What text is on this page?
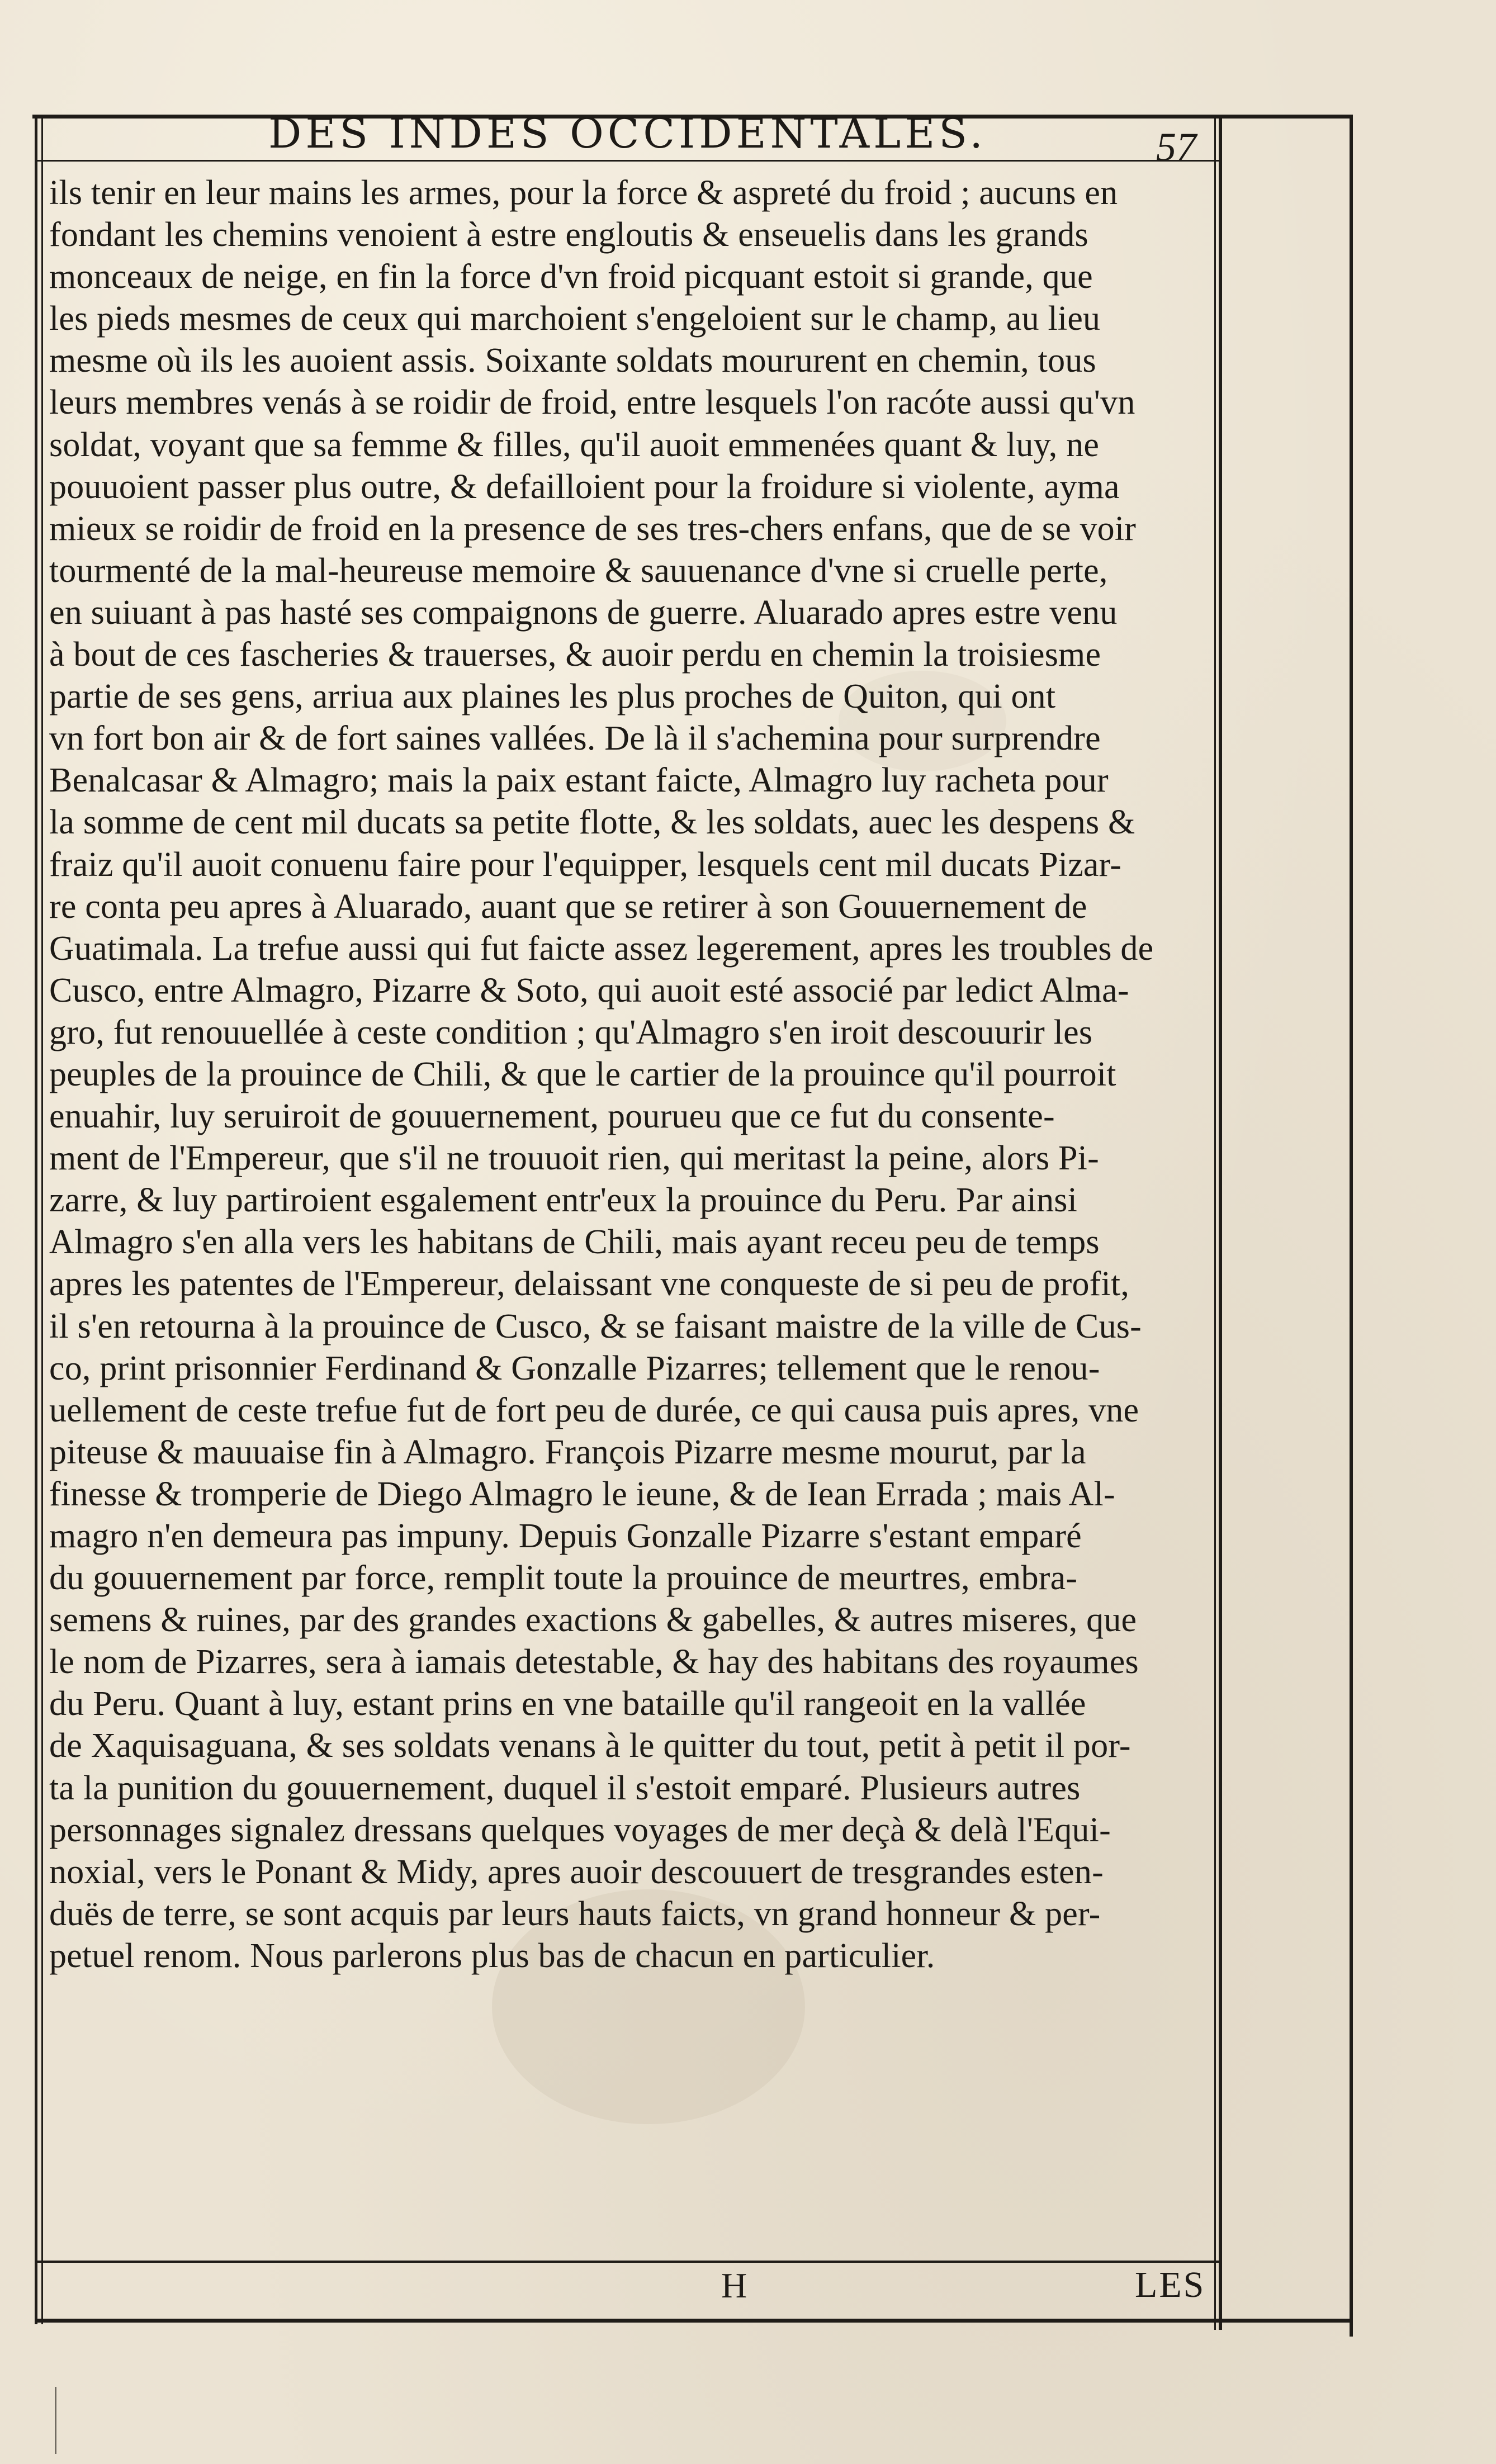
DES INDES OCCIDENTALES.	57

ils tenir en leur mains les armes, pour la force & aspreté du froid ; aucuns en
fondant les chemins venoient à estre engloutis & enseuelis dans les grands
monceaux de neige, en fin la force d'vn froid picquant estoit si grande, que
les pieds mesmes de ceux qui marchoient s'engeloient sur le champ, au lieu
mesme où ils les auoient assis. Soixante soldats moururent en chemin, tous
leurs membres venás à se roidir de froid, entre lesquels l'on racóte aussi qu'vn
soldat, voyant que sa femme & filles, qu'il auoit emmenées quant & luy, ne
pouuoient passer plus outre, & defailloient pour la froidure si violente, ayma
mieux se roidir de froid en la presence de ses tres-chers enfans, que de se voir
tourmenté de la mal-heureuse memoire & sauuenance d'vne si cruelle perte,
en suiuant à pas hasté ses compaignons de guerre. Aluarado apres estre venu
à bout de ces fascheries & trauerses, & auoir perdu en chemin la troisiesme
partie de ses gens, arriua aux plaines les plus proches de Quiton, qui ont
vn fort bon air & de fort saines vallées. De là il s'achemina pour surprendre
Benalcasar & Almagro; mais la paix estant faicte, Almagro luy racheta pour
la somme de cent mil ducats sa petite flotte, & les soldats, auec les despens &
fraiz qu'il auoit conuenu faire pour l'equipper, lesquels cent mil ducats Pizar-
re conta peu apres à Aluarado, auant que se retirer à son Gouuernement de
Guatimala. La trefue aussi qui fut faicte assez legerement, apres les troubles de
Cusco, entre Almagro, Pizarre & Soto, qui auoit esté associé par ledict Alma-
gro, fut renouuellée à ceste condition ; qu'Almagro s'en iroit descouurir les
peuples de la prouince de Chili, & que le cartier de la prouince qu'il pourroit
enuahir, luy seruiroit de gouuernement, pourueu que ce fut du consente-
ment de l'Empereur, que s'il ne trouuoit rien, qui meritast la peine, alors Pi-
zarre, & luy partiroient esgalement entr'eux la prouince du Peru. Par ainsi
Almagro s'en alla vers les habitans de Chili, mais ayant receu peu de temps
apres les patentes de l'Empereur, delaissant vne conqueste de si peu de profit,
il s'en retourna à la prouince de Cusco, & se faisant maistre de la ville de Cus-
co, print prisonnier Ferdinand & Gonzalle Pizarres; tellement que le renou-
uellement de ceste trefue fut de fort peu de durée, ce qui causa puis apres, vne
piteuse & mauuaise fin à Almagro. François Pizarre mesme mourut, par la
finesse & tromperie de Diego Almagro le ieune, & de Iean Errada ; mais Al-
magro n'en demeura pas impuny. Depuis Gonzalle Pizarre s'estant emparé
du gouuernement par force, remplit toute la prouince de meurtres, embra-
semens & ruines, par des grandes exactions & gabelles, & autres miseres, que
le nom de Pizarres, sera à iamais detestable, & hay des habitans des royaumes
du Peru. Quant à luy, estant prins en vne bataille qu'il rangeoit en la vallée
de Xaquisaguana, & ses soldats venans à le quitter du tout, petit à petit il por-
ta la punition du gouuernement, duquel il s'estoit emparé. Plusieurs autres
personnages signalez dressans quelques voyages de mer deçà & delà l'Equi-
noxial, vers le Ponant & Midy, apres auoir descouuert de tresgrandes esten-
duës de terre, se sont acquis par leurs hauts faicts, vn grand honneur & per-
petuel renom. Nous parlerons plus bas de chacun en particulier.

H	LES
